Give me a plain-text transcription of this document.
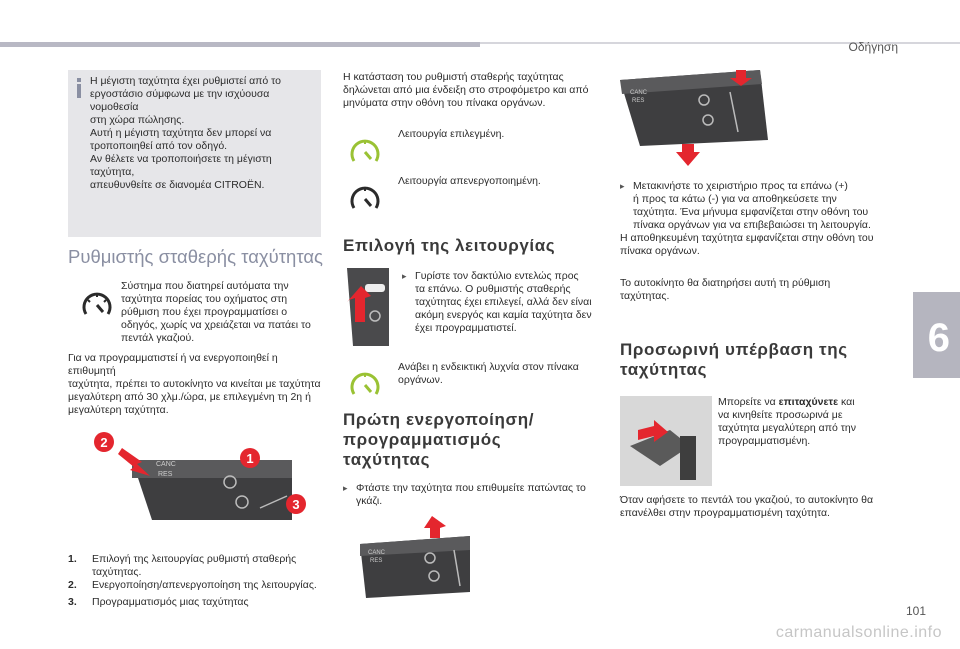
Οδήγηση
6
101
carmanualsonline.info
Η μέγιστη ταχύτητα έχει ρυθμιστεί από το
εργοστάσιο σύμφωνα με την ισχύουσα νομοθεσία
στη χώρα πώλησης.
Αυτή η μέγιστη ταχύτητα δεν μπορεί να
τροποποιηθεί από τον οδηγό.
Αν θέλετε να τροποποιήσετε τη μέγιστη ταχύτητα,
απευθυνθείτε σε διανομέα CITROËN.
Ρυθμιστής σταθερής ταχύτητας
Σύστημα που διατηρεί αυτόματα την
ταχύτητα πορείας του οχήματος στη
ρύθμιση που έχει προγραμματίσει ο
οδηγός, χωρίς να χρειάζεται να πατάει το
πεντάλ γκαζιού.
Για να προγραμματιστεί ή να ενεργοποιηθεί η επιθυμητή
ταχύτητα, πρέπει το αυτοκίνητο να κινείται με ταχύτητα
μεγαλύτερη από 30 χλμ./ώρα, με επιλεγμένη τη 2η ή
μεγαλύτερη ταχύτητα.
CANC
RES
2
1
3
1.	Επιλογή της λειτουργίας ρυθμιστή σταθερής
ταχύτητας.
2.	Ενεργοποίηση/απενεργοποίηση της λειτουργίας.
3.	Προγραμματισμός μιας ταχύτητας
Η κατάσταση του ρυθμιστή σταθερής ταχύτητας
δηλώνεται από μια ένδειξη στο στροφόμετρο και από
μηνύματα στην οθόνη του πίνακα οργάνων.
Λειτουργία επιλεγμένη.
Λειτουργία απενεργοποιημένη.
Επιλογή της λειτουργίας
▸ Γυρίστε τον δακτύλιο εντελώς προς
τα επάνω. Ο ρυθμιστής σταθερής
ταχύτητας έχει επιλεγεί, αλλά δεν είναι
ακόμη ενεργός και καμία ταχύτητα δεν
έχει προγραμματιστεί.
Ανάβει η ενδεικτική λυχνία στον πίνακα
οργάνων.
Πρώτη ενεργοποίηση/
προγραμματισμός
ταχύτητας
▸ Φτάστε την ταχύτητα που επιθυμείτε πατώντας το
γκάζι.
CANC
RES
CANC
RES
▸ Μετακινήστε το χειριστήριο προς τα επάνω (+)
ή προς τα κάτω (-) για να αποθηκεύσετε την
ταχύτητα. Ένα μήνυμα εμφανίζεται στην οθόνη του
πίνακα οργάνων για να επιβεβαιώσει τη λειτουργία.
Η αποθηκευμένη ταχύτητα εμφανίζεται στην οθόνη του
πίνακα οργάνων.
Το αυτοκίνητο θα διατηρήσει αυτή τη ρύθμιση
ταχύτητας.
Προσωρινή υπέρβαση της
ταχύτητας
Μπορείτε να επιταχύνετε και
να κινηθείτε προσωρινά με
ταχύτητα μεγαλύτερη από την
προγραμματισμένη.
Όταν αφήσετε το πεντάλ του γκαζιού, το αυτοκίνητο θα
επανέλθει στην προγραμματισμένη ταχύτητα.
